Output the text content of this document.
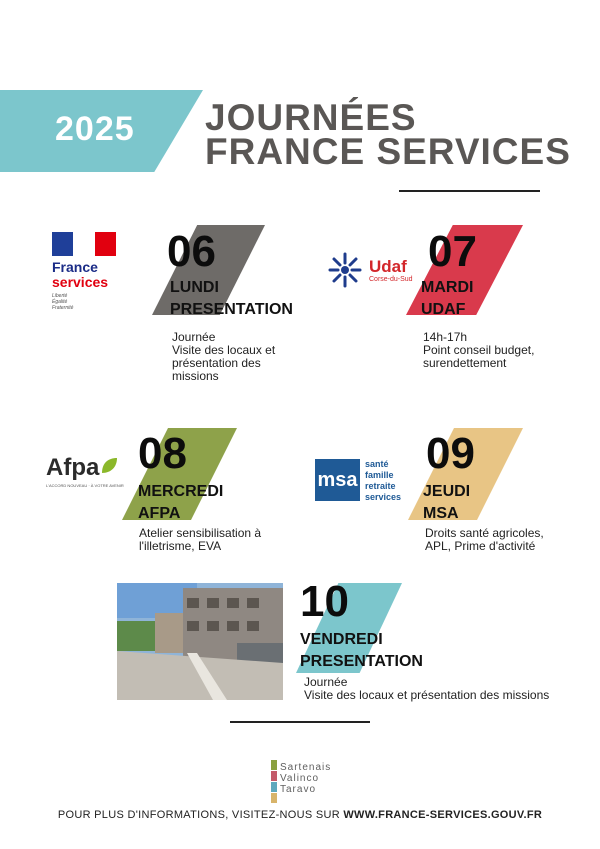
2025 JOURNÉES
FRANCE SERVICES
France
services
Liberté
Égalité
Fraternité
06
LUNDI
PRESENTATION
Journée
Visite des locaux et
présentation des
missions
Udaf
Corse-du-Sud
07
MARDI
UDAF
14h-17h
Point conseil budget,
surendettement
Afpa
L'ACCORD NOUVEAU · À VOTRE AVENIR
08
MERCREDI
AFPA
Atelier sensibilisation à
l'illetrisme, EVA
msa
santé
famille
retraite
services
09
JEUDI
MSA
Droits santé agricoles,
APL, Prime d'activité
10
VENDREDI
PRESENTATION
Journée
Visite des locaux et présentation des missions
Sartenais
Valinco
Taravo
POUR PLUS D'INFORMATIONS, VISITEZ-NOUS SUR WWW.FRANCE-SERVICES.GOUV.FR
